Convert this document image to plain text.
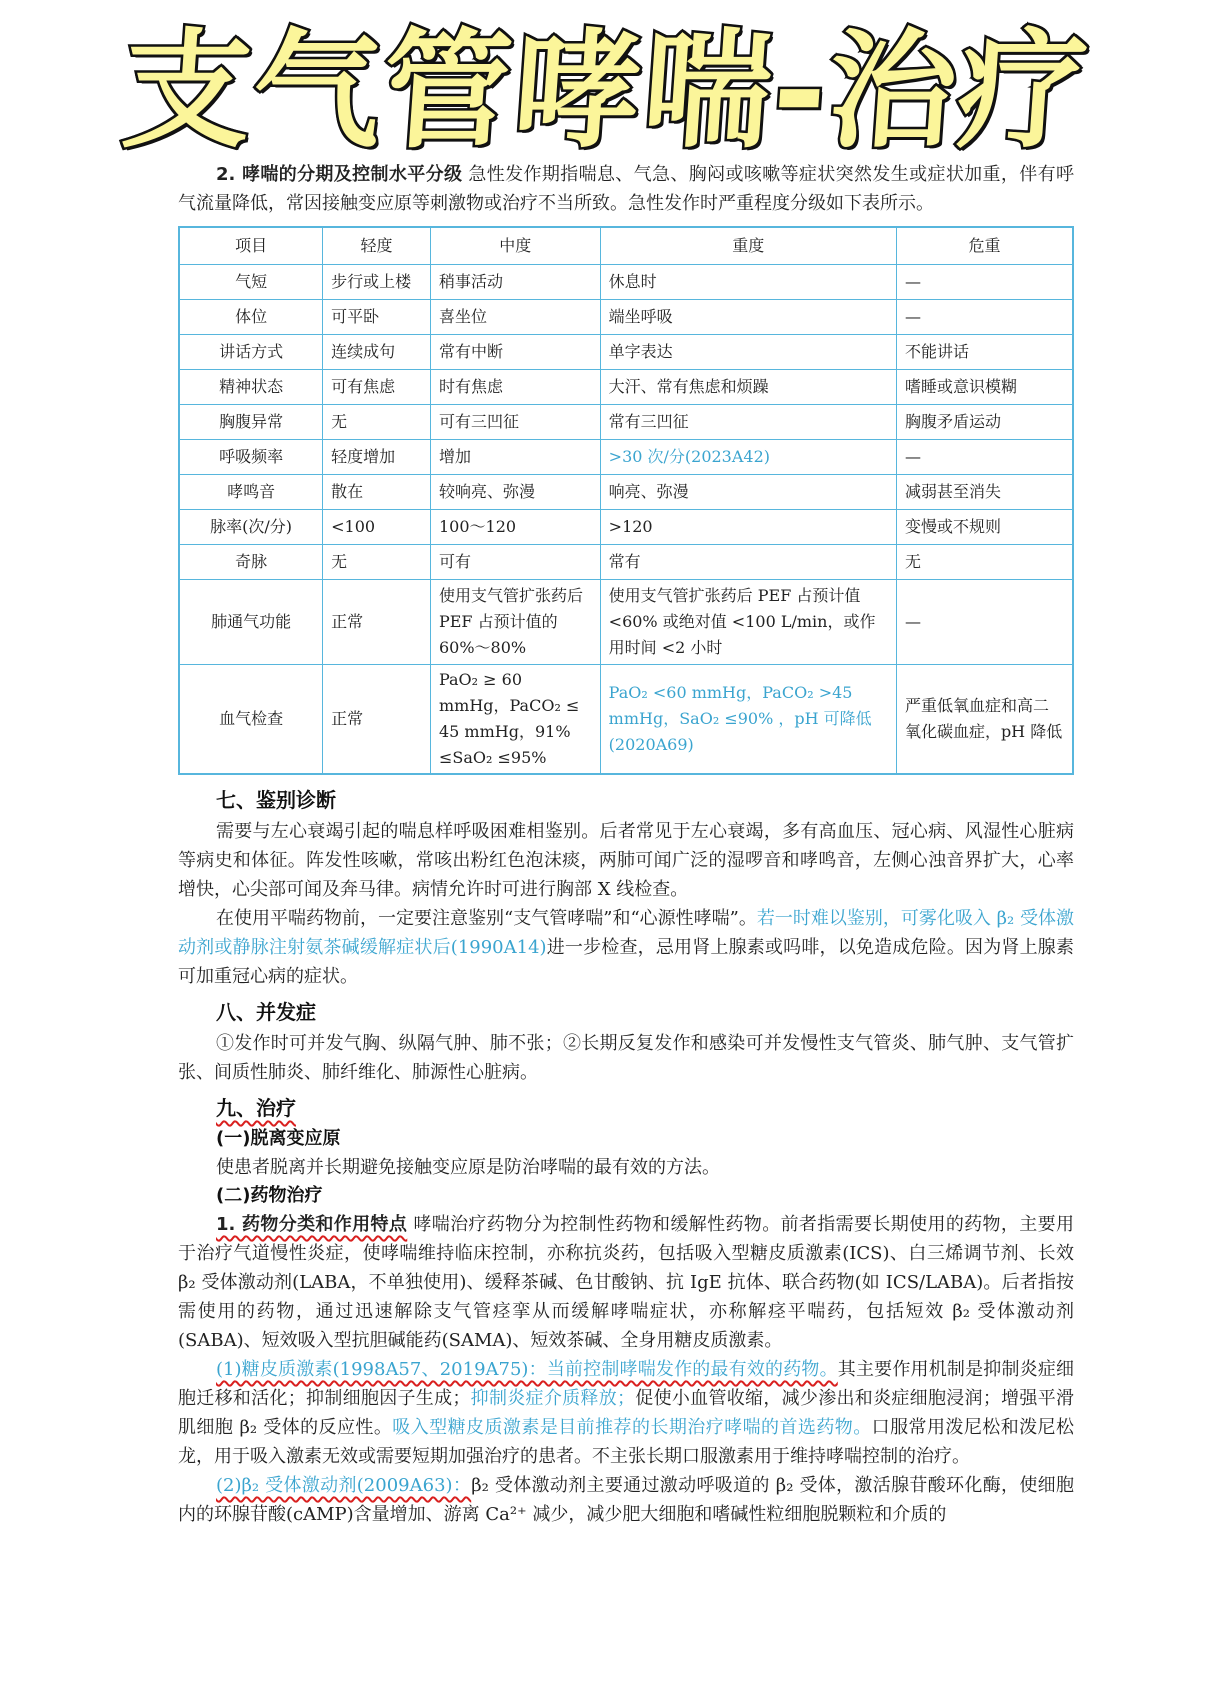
支气管哮喘-治疗

2. 哮喘的分期及控制水平分级 急性发作期指喘息、气急、胸闷或咳嗽等症状突然发生或症状加重，伴有呼气流量降低，常因接触变应原等刺激物或治疗不当所致。急性发作时严重程度分级如下表所示。

项目	轻度	中度	重度	危重
气短	步行或上楼	稍事活动	休息时	—
体位	可平卧	喜坐位	端坐呼吸	—
讲话方式	连续成句	常有中断	单字表达	不能讲话
精神状态	可有焦虑	时有焦虑	大汗、常有焦虑和烦躁	嗜睡或意识模糊
胸腹异常	无	可有三凹征	常有三凹征	胸腹矛盾运动
呼吸频率	轻度增加	增加	>30 次/分(2023A42)	—
哮鸣音	散在	较响亮、弥漫	响亮、弥漫	减弱甚至消失
脉率(次/分)	<100	100～120	>120	变慢或不规则
奇脉	无	可有	常有	无
肺通气功能	正常	使用支气管扩张药后 PEF 占预计值的 60%～80%	使用支气管扩张药后 PEF 占预计值 <60% 或绝对值 <100 L/min，或作用时间 <2 小时	—
血气检查	正常	PaO₂ ≥ 60 mmHg，PaCO₂ ≤ 45 mmHg，91% ≤SaO₂ ≤95%	PaO₂ <60 mmHg，PaCO₂ >45 mmHg，SaO₂ ≤90% ，pH 可降低(2020A69)	严重低氧血症和高二氧化碳血症，pH 降低
七、鉴别诊断

需要与左心衰竭引起的喘息样呼吸困难相鉴别。后者常见于左心衰竭，多有高血压、冠心病、风湿性心脏病等病史和体征。阵发性咳嗽，常咳出粉红色泡沫痰，两肺可闻广泛的湿啰音和哮鸣音，左侧心浊音界扩大，心率增快，心尖部可闻及奔马律。病情允许时可进行胸部 X 线检查。

在使用平喘药物前，一定要注意鉴别“支气管哮喘”和“心源性哮喘”。若一时难以鉴别，可雾化吸入 β₂ 受体激动剂或静脉注射氨茶碱缓解症状后(1990A14)进一步检查，忌用肾上腺素或吗啡，以免造成危险。因为肾上腺素可加重冠心病的症状。

八、并发症

①发作时可并发气胸、纵隔气肿、肺不张；②长期反复发作和感染可并发慢性支气管炎、肺气肿、支气管扩张、间质性肺炎、肺纤维化、肺源性心脏病。

九、治疗
(一)脱离变应原

使患者脱离并长期避免接触变应原是防治哮喘的最有效的方法。

(二)药物治疗

1. 药物分类和作用特点 哮喘治疗药物分为控制性药物和缓解性药物。前者指需要长期使用的药物，主要用于治疗气道慢性炎症，使哮喘维持临床控制，亦称抗炎药，包括吸入型糖皮质激素(ICS)、白三烯调节剂、长效 β₂ 受体激动剂(LABA，不单独使用)、缓释茶碱、色甘酸钠、抗 IgE 抗体、联合药物(如 ICS/LABA)。后者指按需使用的药物，通过迅速解除支气管痉挛从而缓解哮喘症状，亦称解痉平喘药，包括短效 β₂ 受体激动剂(SABA)、短效吸入型抗胆碱能药(SAMA)、短效茶碱、全身用糖皮质激素。

(1)糖皮质激素(1998A57、2019A75)：当前控制哮喘发作的最有效的药物。其主要作用机制是抑制炎症细胞迁移和活化；抑制细胞因子生成；抑制炎症介质释放；促使小血管收缩，减少渗出和炎症细胞浸润；增强平滑肌细胞 β₂ 受体的反应性。吸入型糖皮质激素是目前推荐的长期治疗哮喘的首选药物。口服常用泼尼松和泼尼松龙，用于吸入激素无效或需要短期加强治疗的患者。不主张长期口服激素用于维持哮喘控制的治疗。

(2)β₂ 受体激动剂(2009A63)：β₂ 受体激动剂主要通过激动呼吸道的 β₂ 受体，激活腺苷酸环化酶，使细胞内的环腺苷酸(cAMP)含量增加、游离 Ca²⁺ 减少，减少肥大细胞和嗜碱性粒细胞脱颗粒和介质的
